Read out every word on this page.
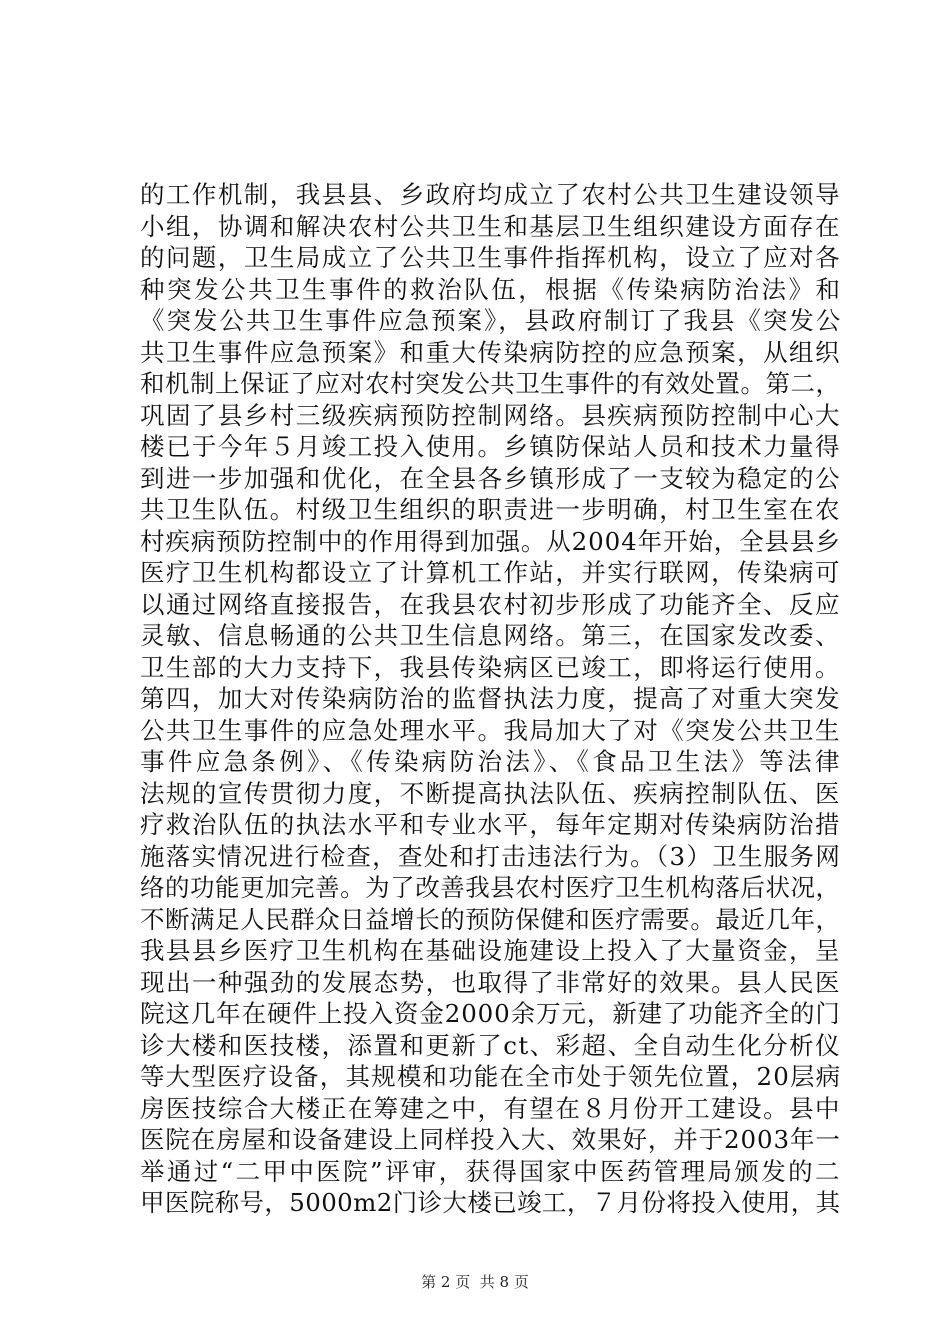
的工作机制，我县县、乡政府均成立了农村公共卫生建设领导
小组，协调和解决农村公共卫生和基层卫生组织建设方面存在
的问题，卫生局成立了公共卫生事件指挥机构，设立了应对各
种突发公共卫生事件的救治队伍，根据《传染病防治法》和
《突发公共卫生事件应急预案》，县政府制订了我县《突发公
共卫生事件应急预案》和重大传染病防控的应急预案，从组织
和机制上保证了应对农村突发公共卫生事件的有效处置。第二，
巩固了县乡村三级疾病预防控制网络。县疾病预防控制中心大
楼已于今年５月竣工投入使用。乡镇防保站人员和技术力量得
到进一步加强和优化，在全县各乡镇形成了一支较为稳定的公
共卫生队伍。村级卫生组织的职责进一步明确，村卫生室在农
村疾病预防控制中的作用得到加强。从2004年开始，全县县乡
医疗卫生机构都设立了计算机工作站，并实行联网，传染病可
以通过网络直接报告，在我县农村初步形成了功能齐全、反应
灵敏、信息畅通的公共卫生信息网络。第三，在国家发改委、
卫生部的大力支持下，我县传染病区已竣工，即将运行使用。
第四，加大对传染病防治的监督执法力度，提高了对重大突发
公共卫生事件的应急处理水平。我局加大了对《突发公共卫生
事件应急条例》、《传染病防治法》、《食品卫生法》等法律
法规的宣传贯彻力度，不断提高执法队伍、疾病控制队伍、医
疗救治队伍的执法水平和专业水平，每年定期对传染病防治措
施落实情况进行检查，查处和打击违法行为。（3）卫生服务网
络的功能更加完善。为了改善我县农村医疗卫生机构落后状况，
不断满足人民群众日益增长的预防保健和医疗需要。最近几年，
我县县乡医疗卫生机构在基础设施建设上投入了大量资金，呈
现出一种强劲的发展态势，也取得了非常好的效果。县人民医
院这几年在硬件上投入资金2000余万元，新建了功能齐全的门
诊大楼和医技楼，添置和更新了ct、彩超、全自动生化分析仪
等大型医疗设备，其规模和功能在全市处于领先位置，20层病
房医技综合大楼正在筹建之中，有望在８月份开工建设。县中
医院在房屋和设备建设上同样投入大、效果好，并于2003年一
举通过“二甲中医院”评审，获得国家中医药管理局颁发的二
甲医院称号，5000m2门诊大楼已竣工，７月份将投入使用，其
第 2 页  共 8 页
